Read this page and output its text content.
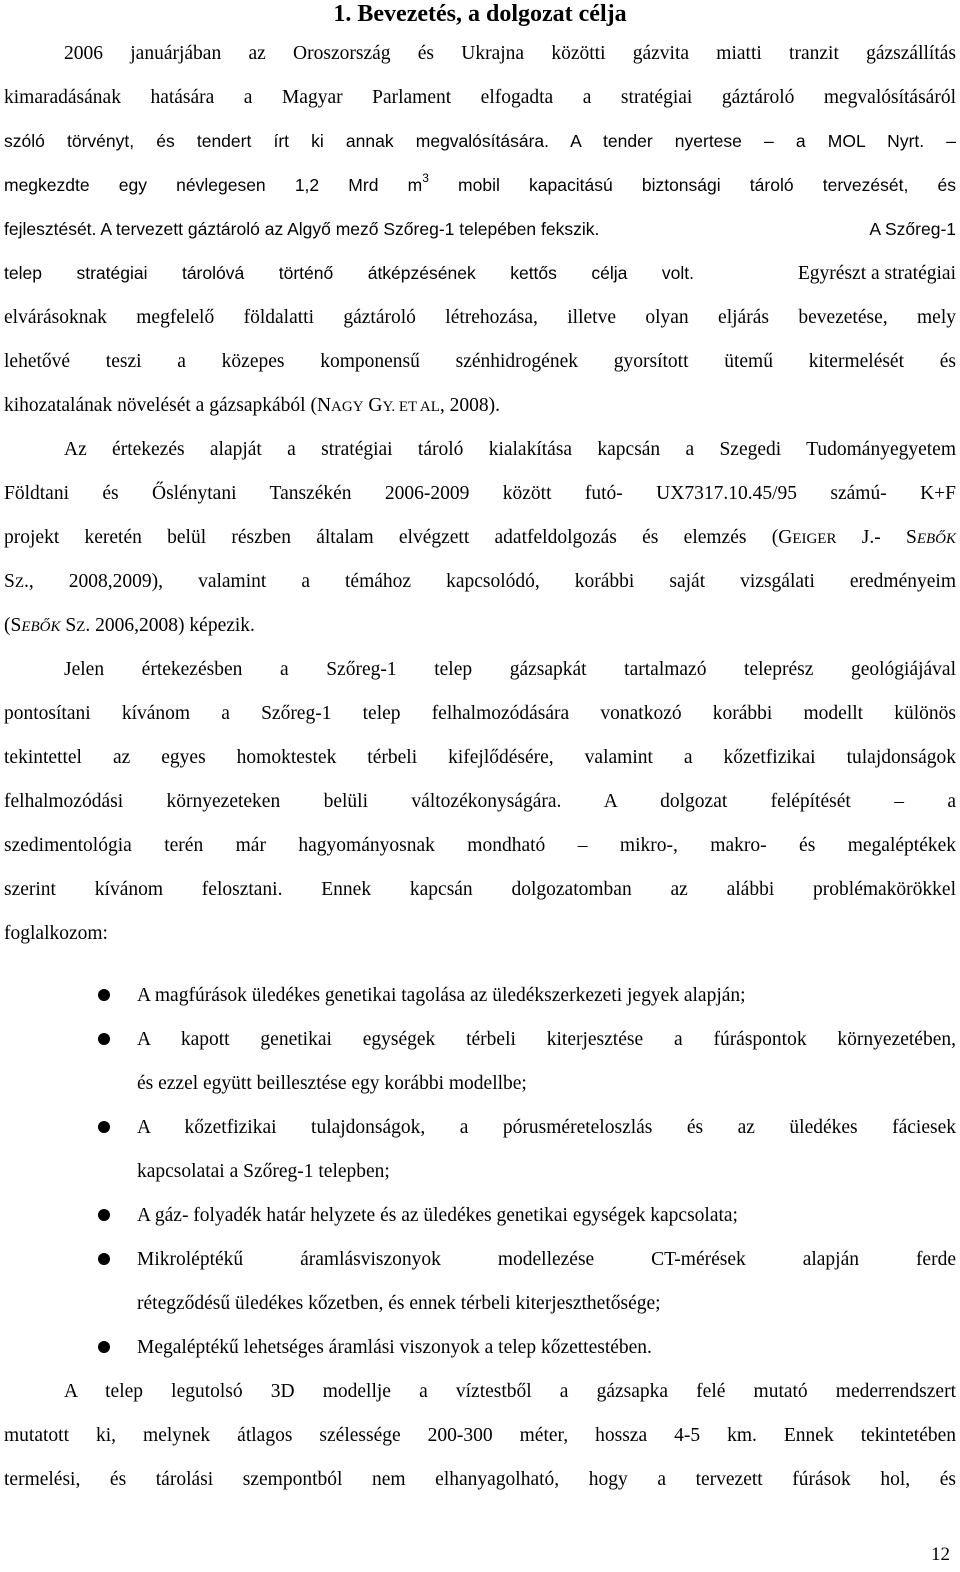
1. Bevezetés, a dolgozat célja
2006 januárjában az Oroszország és Ukrajna közötti gázvita miatti tranzit gázszállítás
kimaradásának hatására a Magyar Parlament elfogadta a stratégiai gáztároló megvalósításáról
szóló törvényt, és tendert írt ki annak megvalósítására. A tender nyertese – a MOL Nyrt. –
megkezdte egy névlegesen 1,2 Mrd $m^3$ mobil kapacitású biztonsági tároló tervezését, és
fejlesztését. A tervezett gáztároló az Algyő mező Szőreg-1 telepében fekszik.	A Szőreg-1
telep stratégiai tárolóvá történő átképzésének kettős célja volt.	Egyrészt a stratégiai
elvárásoknak megfelelő földalatti gáztároló létrehozása, illetve olyan eljárás bevezetése, mely
lehetővé teszi a közepes komponensű szénhidrogének gyorsított ütemű kitermelését és
kihozatalának növelését a gázsapkából (NAGY GY. ET AL, 2008).
Az értekezés alapját a stratégiai tároló kialakítása kapcsán a Szegedi Tudományegyetem
Földtani és Őslénytani Tanszékén 2006-2009 között futó- UX7317.10.45/95 számú- K+F
projekt keretén belül részben általam elvégzett adatfeldolgozás és elemzés (GEIGER J.- SEBŐK
SZ., 2008,2009), valamint a témához kapcsolódó, korábbi saját vizsgálati eredményeim
(SEBŐK SZ. 2006,2008) képezik.
Jelen értekezésben a Szőreg-1 telep gázsapkát tartalmazó teleprész geológiájával
pontosítani kívánom a Szőreg-1 telep felhalmozódására vonatkozó korábbi modellt különös
tekintettel az egyes homoktestek térbeli kifejlődésére, valamint a kőzetfizikai tulajdonságok
felhalmozódási környezeteken belüli változékonyságára. A dolgozat felépítését – a
szedimentológia terén már hagyományosnak mondható – mikro-, makro- és megaléptékek
szerint kívánom felosztani. Ennek kapcsán dolgozatomban az alábbi problémakörökkel
foglalkozom:
A magfúrások üledékes genetikai tagolása az üledékszerkezeti jegyek alapján;
A kapott genetikai egységek térbeli kiterjesztése a fúráspontok környezetében,
és ezzel együtt beillesztése egy korábbi modellbe;
A kőzetfizikai tulajdonságok, a pórusméreteloszlás és az üledékes fáciesek
kapcsolatai a Szőreg-1 telepben;
A gáz- folyadék határ helyzete és az üledékes genetikai egységek kapcsolata;
Mikroléptékű áramlásviszonyok modellezése CT-mérések alapján ferde
rétegződésű üledékes kőzetben, és ennek térbeli kiterjeszthetősége;
Megaléptékű lehetséges áramlási viszonyok a telep kőzettestében.
A telep legutolsó 3D modellje a víztestből a gázsapka felé mutató mederrendszert
mutatott ki, melynek átlagos szélessége 200-300 méter, hossza 4-5 km. Ennek tekintetében
termelési, és tárolási szempontból nem elhanyagolható, hogy a tervezett fúrások hol, és
12
